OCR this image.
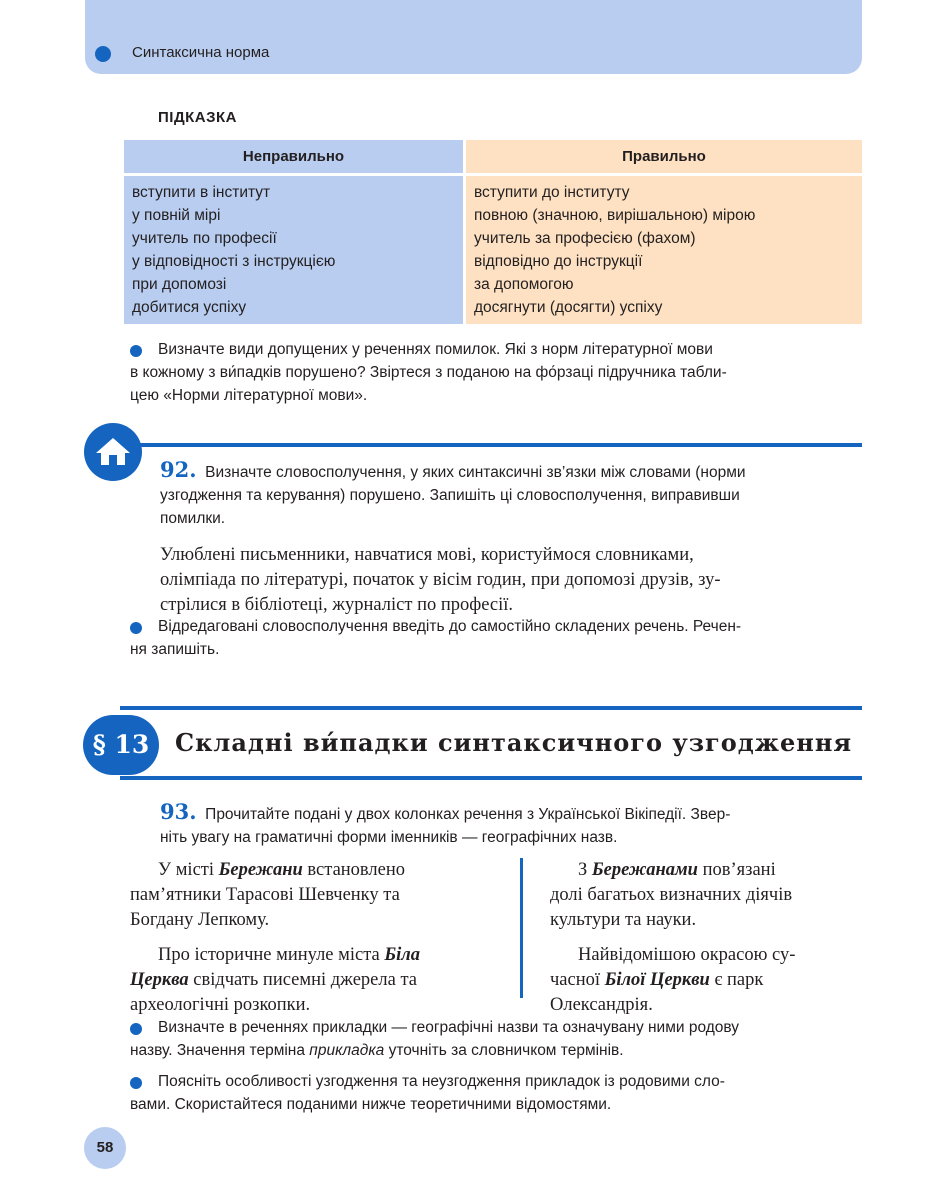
Синтаксична норма
ПІДКАЗКА
Неправильно
вступити в інститут
у повній мірі
учитель по професії
у відповідності з інструкцією
при допомозі
добитися успіху
Правильно
вступити до інституту
повною (значною, вирішальною) мірою
учитель за професією (фахом)
відповідно до інструкції
за допомогою
досягнути (досягти) успіху
Визначте види допущених у реченнях помилок. Які з норм літературної мови
в кожному з ви́падків порушено? Звіртеся з поданою на фо́рзаці підручника табли-
цею «Норми літературної мови».
92. Визначте словосполучення, у яких синтаксичні зв’язки між словами (норми
узгодження та керування) порушено. Запишіть ці словосполучення, виправивши
помилки.
Улюблені письменники, навчатися мові, користуймося словниками,
олімпіада по літературі, початок у вісім годин, при допомозі друзів, зу-
стрілися в бібліотеці, журналіст по професії.
Відредаговані словосполучення введіть до самостійно складених речень. Речен-
ня запишіть.
§ 13	Складні ви́падки синтаксичного узгодження
93. Прочитайте подані у двох колонках речення з Української Вікіпедії. Звер-
ніть увагу на граматичні форми іменників — географічних назв.
У місті Бережани встановлено
пам’ятники Тарасові Шевченку та
Богдану Лепкому.
Про історичне минуле міста Біла
Церква свідчать писемні джерела та
археологічні розкопки.
З Бережанами пов’язані
долі багатьох визначних діячів
культури та науки.
Найвідомішою окрасою су-
часної Білої Церкви є парк
Олександрія.
Визначте в реченнях прикладки — географічні назви та означувану ними родову
назву. Значення терміна прикладка уточніть за словничком термінів.
Поясніть особливості узгодження та неузгодження прикладок із родовими сло-
вами. Скористайтеся поданими нижче теоретичними відомостями.
58
